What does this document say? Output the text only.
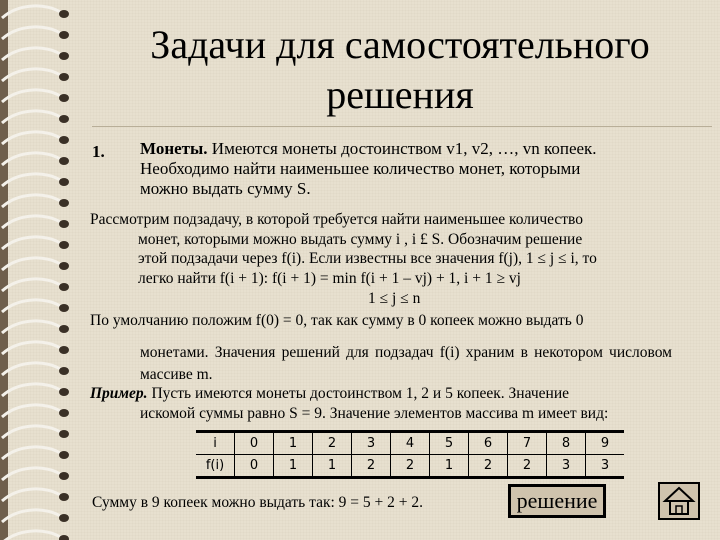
Задачи для самостоятельного
решения
1. Монеты. Имеются монеты достоинством v1, v2, …, vn копеек.
Необходимо найти наименьшее количество монет, которыми
можно выдать сумму S.
Рассмотрим подзадачу, в которой требуется найти наименьшее количество
монет, которыми можно выдать сумму i , i £ S. Обозначим решение
этой подзадачи через f(i). Если известны все значения f(j), 1 ≤ j ≤ i, то
легко найти f(i + 1): f(i + 1) = min f(i + 1 – vj) + 1, i + 1 ≥ vj
1 ≤ j ≤ n
По умолчанию положим f(0) = 0, так как сумму в 0 копеек можно выдать 0
монетами. Значения решений для подзадач f(i) храним в некотором числовом массиве m.
Пример. Пусть имеются монеты достоинством 1, 2 и 5 копеек. Значение
искомой суммы равно S = 9. Значение элементов массива m имеет вид:
i	0	1	2	3	4	5	6	7	8	9
f(i)	0	1	1	2	2	1	2	2	3	3
Сумму в 9 копеек можно выдать так: 9 = 5 + 2 + 2.	решение
